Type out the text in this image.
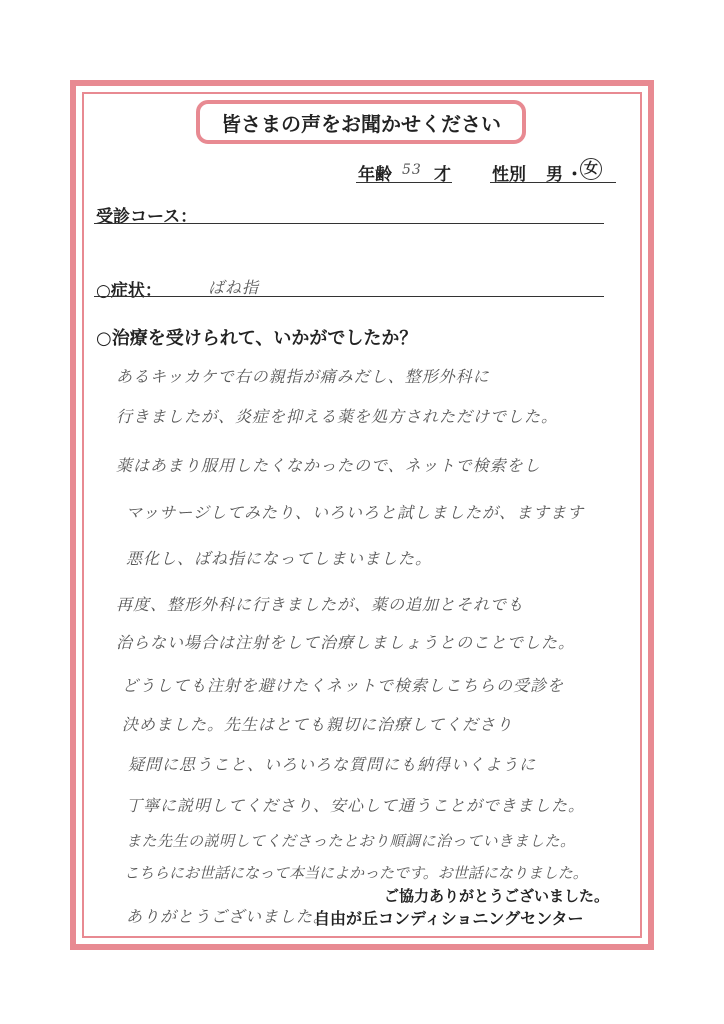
皆さまの声をお聞かせください
年齢 53 才 性別 男 ・ 女
受診コース：
○症状：	ばね指
○治療を受けられて、いかがでしたか？
あるキッカケで右の親指が痛みだし、整形外科に
行きましたが、炎症を抑える薬を処方されただけでした。
薬はあまり服用したくなかったので、ネットで検索をし
マッサージしてみたり、いろいろと試しましたが、ますます
悪化し、ばね指になってしまいました。
再度、整形外科に行きましたが、薬の追加とそれでも
治らない場合は注射をして治療しましょうとのことでした。
どうしても注射を避けたくネットで検索しこちらの受診を
決めました。先生はとても親切に治療してくださり
疑問に思うこと、いろいろな質問にも納得いくように
丁寧に説明してくださり、安心して通うことができました。
また先生の説明してくださったとおり順調に治っていきました。
こちらにお世話になって本当によかったです。お世話になりました。
ありがとうございました。
ご協力ありがとうございました。
自由が丘コンディショニングセンター
